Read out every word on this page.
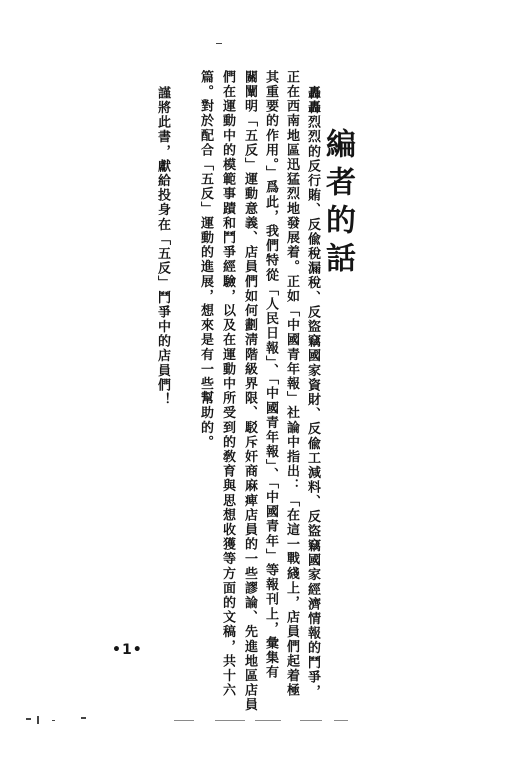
編者的話
轟轟烈烈的反行賄、反偸稅漏稅、反盜竊國家資財、反偸工減料、反盜竊國家經濟情報的鬥爭，
正在西南地區迅猛烈地發展着。正如「中國青年報」社論中指出：「在這一戰綫上，店員們起着極
其重要的作用。」爲此，我們特從「人民日報」、「中國青年報」、「中國青年」等報刊上，彙集有
關闡明「五反」運動意義、店員們如何劃淸階級界限、駁斥奸商麻痺店員的一些謬論、先進地區店員
們在運動中的模範事蹟和鬥爭經驗，以及在運動中所受到的敎育與思想收獲等方面的文稿，共十六
篇。對於配合「五反」運動的進展，想來是有一些幫助的。
謹將此書，獻給投身在「五反」鬥爭中的店員們！
•1•
